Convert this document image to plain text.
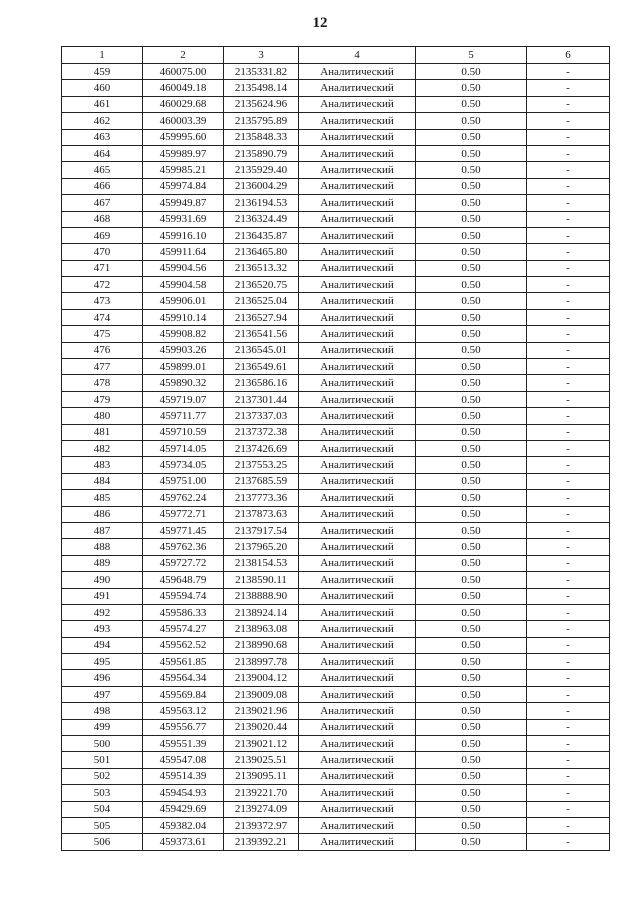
12
1	2	3	4	5	6
459	460075.00	2135331.82	Аналитический	0.50	-
460	460049.18	2135498.14	Аналитический	0.50	-
461	460029.68	2135624.96	Аналитический	0.50	-
462	460003.39	2135795.89	Аналитический	0.50	-
463	459995.60	2135848.33	Аналитический	0.50	-
464	459989.97	2135890.79	Аналитический	0.50	-
465	459985.21	2135929.40	Аналитический	0.50	-
466	459974.84	2136004.29	Аналитический	0.50	-
467	459949.87	2136194.53	Аналитический	0.50	-
468	459931.69	2136324.49	Аналитический	0.50	-
469	459916.10	2136435.87	Аналитический	0.50	-
470	459911.64	2136465.80	Аналитический	0.50	-
471	459904.56	2136513.32	Аналитический	0.50	-
472	459904.58	2136520.75	Аналитический	0.50	-
473	459906.01	2136525.04	Аналитический	0.50	-
474	459910.14	2136527.94	Аналитический	0.50	-
475	459908.82	2136541.56	Аналитический	0.50	-
476	459903.26	2136545.01	Аналитический	0.50	-
477	459899.01	2136549.61	Аналитический	0.50	-
478	459890.32	2136586.16	Аналитический	0.50	-
479	459719.07	2137301.44	Аналитический	0.50	-
480	459711.77	2137337.03	Аналитический	0.50	-
481	459710.59	2137372.38	Аналитический	0.50	-
482	459714.05	2137426.69	Аналитический	0.50	-
483	459734.05	2137553.25	Аналитический	0.50	-
484	459751.00	2137685.59	Аналитический	0.50	-
485	459762.24	2137773.36	Аналитический	0.50	-
486	459772.71	2137873.63	Аналитический	0.50	-
487	459771.45	2137917.54	Аналитический	0.50	-
488	459762.36	2137965.20	Аналитический	0.50	-
489	459727.72	2138154.53	Аналитический	0.50	-
490	459648.79	2138590.11	Аналитический	0.50	-
491	459594.74	2138888.90	Аналитический	0.50	-
492	459586.33	2138924.14	Аналитический	0.50	-
493	459574.27	2138963.08	Аналитический	0.50	-
494	459562.52	2138990.68	Аналитический	0.50	-
495	459561.85	2138997.78	Аналитический	0.50	-
496	459564.34	2139004.12	Аналитический	0.50	-
497	459569.84	2139009.08	Аналитический	0.50	-
498	459563.12	2139021.96	Аналитический	0.50	-
499	459556.77	2139020.44	Аналитический	0.50	-
500	459551.39	2139021.12	Аналитический	0.50	-
501	459547.08	2139025.51	Аналитический	0.50	-
502	459514.39	2139095.11	Аналитический	0.50	-
503	459454.93	2139221.70	Аналитический	0.50	-
504	459429.69	2139274.09	Аналитический	0.50	-
505	459382.04	2139372.97	Аналитический	0.50	-
506	459373.61	2139392.21	Аналитический	0.50	-
